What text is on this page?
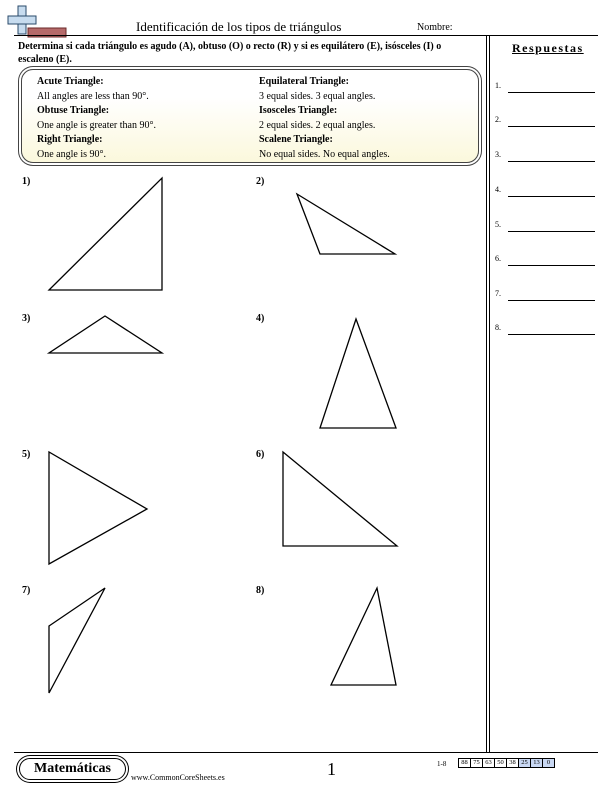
Identificación de los tipos de triángulos	Nombre:
Determina si cada triángulo es agudo (A), obtuso (O) o recto (R) y si es equilátero (E), isósceles (I) o escaleno (E).
Acute Triangle:
All angles are less than 90°.
Obtuse Triangle:
One angle is greater than 90°.
Right Triangle:
One angle is 90°.
Equilateral Triangle:
3 equal sides. 3 equal angles.
Isosceles Triangle:
2 equal sides. 2 equal angles.
Scalene Triangle:
No equal sides. No equal angles.
1)	2)
3)	4)
5)	6)
7)	8)
Respuestas
1.
2.
3.
4.
5.
6.
7.
8.
Matemáticas
www.CommonCoreSheets.es	1	1-8	88 75 63 50 38 25 13	0
